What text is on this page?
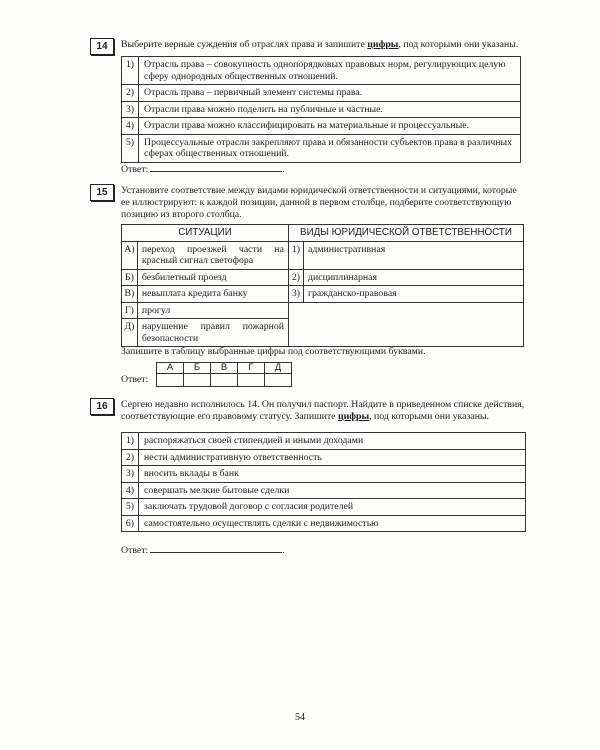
14	Выберите верные суждения об отраслях права и запишите цифры, под которыми они указаны.

1)	Отрасль права – совокупность однопорядковых правовых норм, регулирующих целую сферу однородных общественных отношений.
2)	Отрасль права – первичный элемент системы права.
3)	Отрасли права можно поделить на публичные и частные.
4)	Отрасли права можно классифицировать на материальные и процессуальные.
5)	Процессуальные отрасли закрепляют права и обязанности субъектов права в различных сферах общественных отношений.
Ответ:	.
15	Установите соответствие между видами юридической ответственности и ситуациями, которые ее иллюстрируют: к каждой позиции, данной в первом столбце, подберите соответствующую позицию из второго столбца.

СИТУАЦИИ		ВИДЫ ЮРИДИЧЕСКОЙ ОТВЕТСТВЕННОСТИ	
А)	переход проезжей части на красный сигнал светофора	1)	административная
Б)	безбилетный проезд	2)	дисциплинарная
В)	невыплата кредита банку	3)	гражданско-правовая
Г)	прогул		
Д)	нарушение правил пожарной безопасности		

Запишите в таблицу выбранные цифры под соответствующими буквами.

Ответ:
А	Б	В	Г	Д

16	Сергею недавно исполнилось 14. Он получил паспорт. Найдите в приведенном списке действия, соответствующие его правовому статусу. Запишите цифры, под которыми они указаны.

1)	распоряжаться своей стипендией и иными доходами
2)	нести административную ответственность
3)	вносить вклады в банк
4)	совершать мелкие бытовые сделки
5)	заключать трудовой договор с согласия родителей
6)	самостоятельно осуществлять сделки с недвижимостью
Ответ:	.
54
